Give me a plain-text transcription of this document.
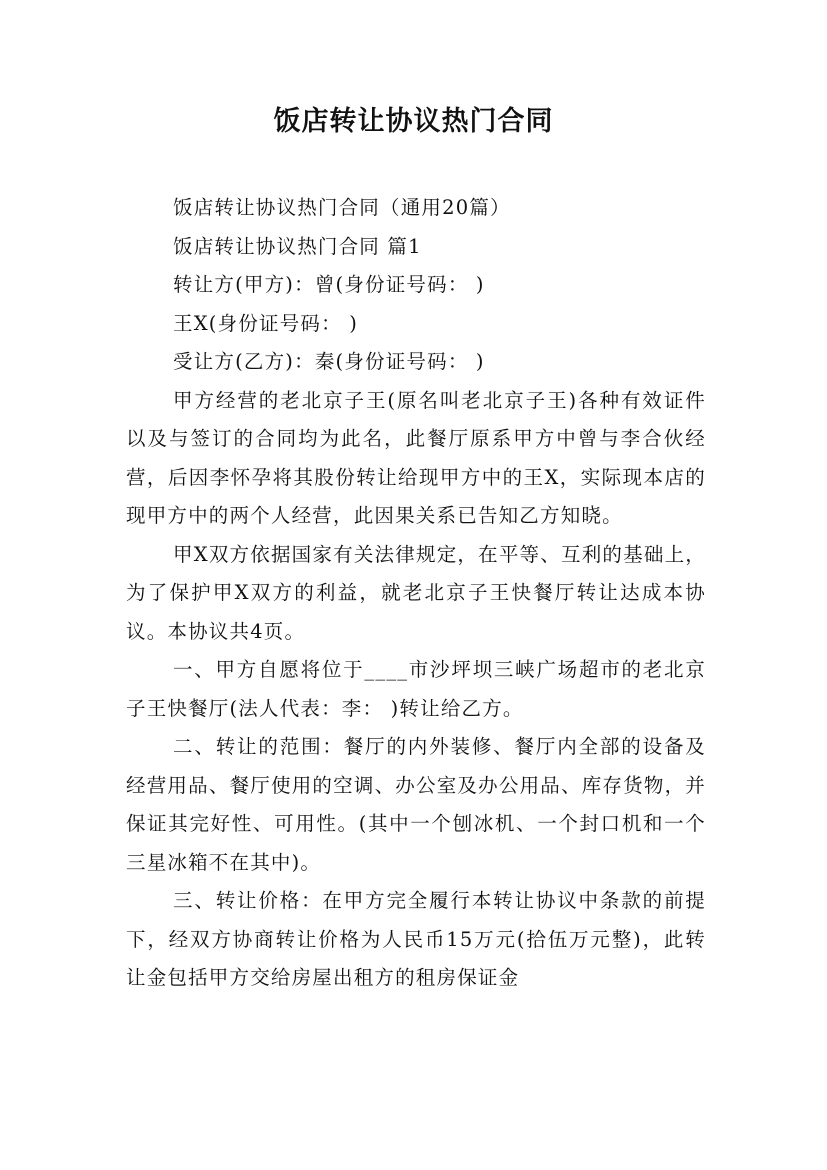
饭店转让协议热门合同
饭店转让协议热门合同（通用20篇）
饭店转让协议热门合同 篇1
转让方(甲方)：曾(身份证号码： )
王X(身份证号码： )
受让方(乙方)：秦(身份证号码： )
甲方经营的老北京子王(原名叫老北京子王)各种有效证件以及与签订的合同均为此名，此餐厅原系甲方中曾与李合伙经营，后因李怀孕将其股份转让给现甲方中的王X，实际现本店的现甲方中的两个人经营，此因果关系已告知乙方知晓。
甲X双方依据国家有关法律规定，在平等、互利的基础上，为了保护甲X双方的利益，就老北京子王快餐厅转让达成本协议。本协议共4页。
一、甲方自愿将位于____市沙坪坝三峡广场超市的老北京子王快餐厅(法人代表：李： )转让给乙方。
二、转让的范围：餐厅的内外装修、餐厅内全部的设备及经营用品、餐厅使用的空调、办公室及办公用品、库存货物，并保证其完好性、可用性。(其中一个刨冰机、一个封口机和一个三星冰箱不在其中)。
三、转让价格：在甲方完全履行本转让协议中条款的前提下，经双方协商转让价格为人民币15万元(拾伍万元整)，此转让金包括甲方交给房屋出租方的租房保证金
